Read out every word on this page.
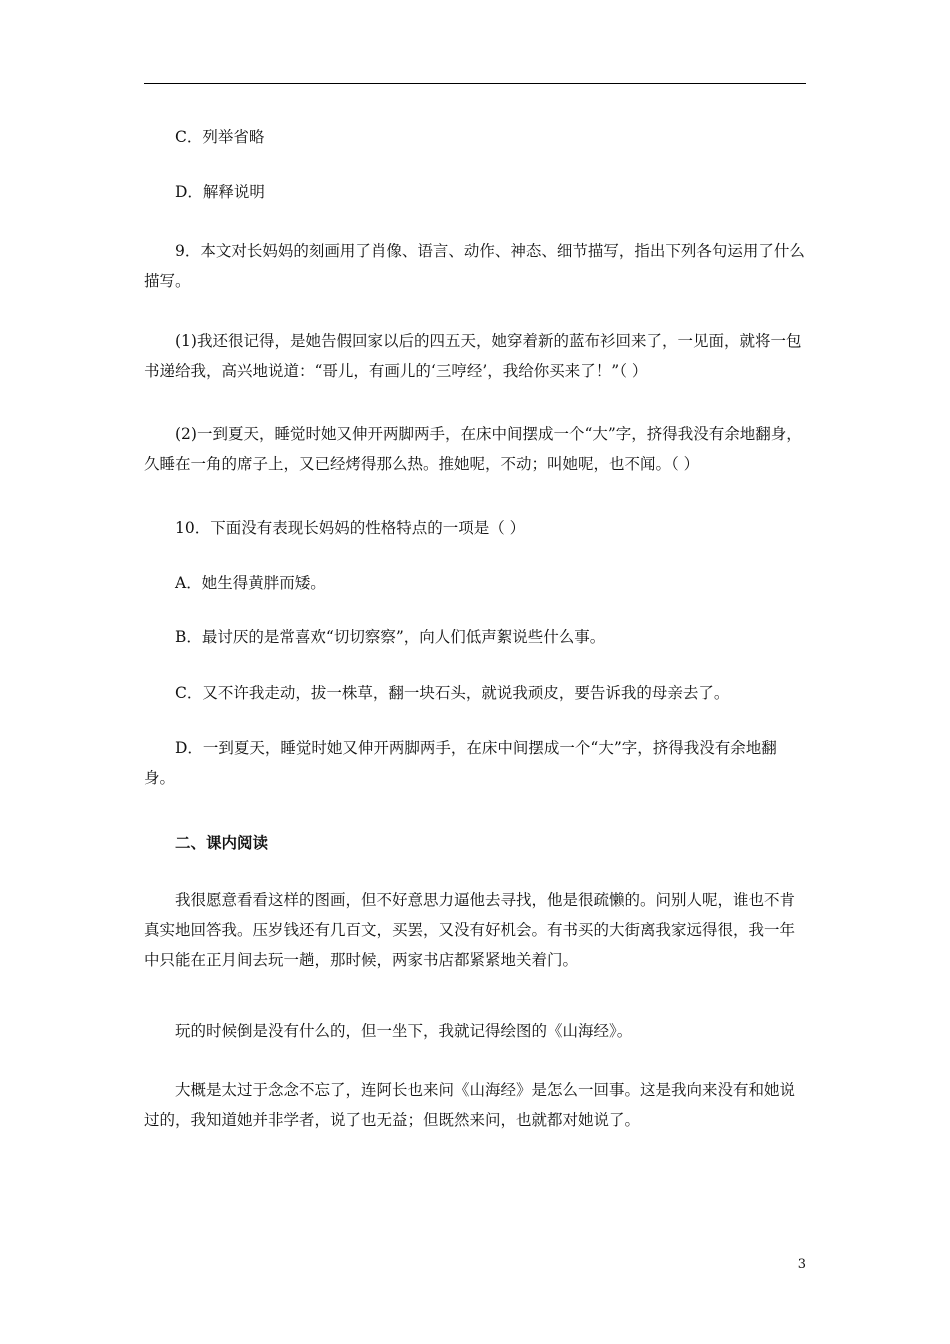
C．列举省略

D．解释说明

9．本文对长妈妈的刻画用了肖像、语言、动作、神态、细节描写，指出下列各句运用了什么描写。

(1)我还很记得，是她告假回家以后的四五天，她穿着新的蓝布衫回来了，一见面，就将一包书递给我，高兴地说道：“哥儿，有画儿的‘三哼经’，我给你买来了！”（ ）

(2)一到夏天，睡觉时她又伸开两脚两手，在床中间摆成一个“大”字，挤得我没有余地翻身，久睡在一角的席子上，又已经烤得那么热。推她呢，不动；叫她呢，也不闻。（ ）

10．下面没有表现长妈妈的性格特点的一项是（ ）

A．她生得黄胖而矮。

B．最讨厌的是常喜欢“切切察察”，向人们低声絮说些什么事。

C．又不许我走动，拔一株草，翻一块石头，就说我顽皮，要告诉我的母亲去了。

D．一到夏天，睡觉时她又伸开两脚两手，在床中间摆成一个“大”字，挤得我没有余地翻身。

二、课内阅读

我很愿意看看这样的图画，但不好意思力逼他去寻找，他是很疏懒的。问别人呢，谁也不肯真实地回答我。压岁钱还有几百文，买罢，又没有好机会。有书买的大街离我家远得很，我一年中只能在正月间去玩一趟，那时候，两家书店都紧紧地关着门。

玩的时候倒是没有什么的，但一坐下，我就记得绘图的《山海经》。

大概是太过于念念不忘了，连阿长也来问《山海经》是怎么一回事。这是我向来没有和她说过的，我知道她并非学者，说了也无益；但既然来问，也就都对她说了。

3
